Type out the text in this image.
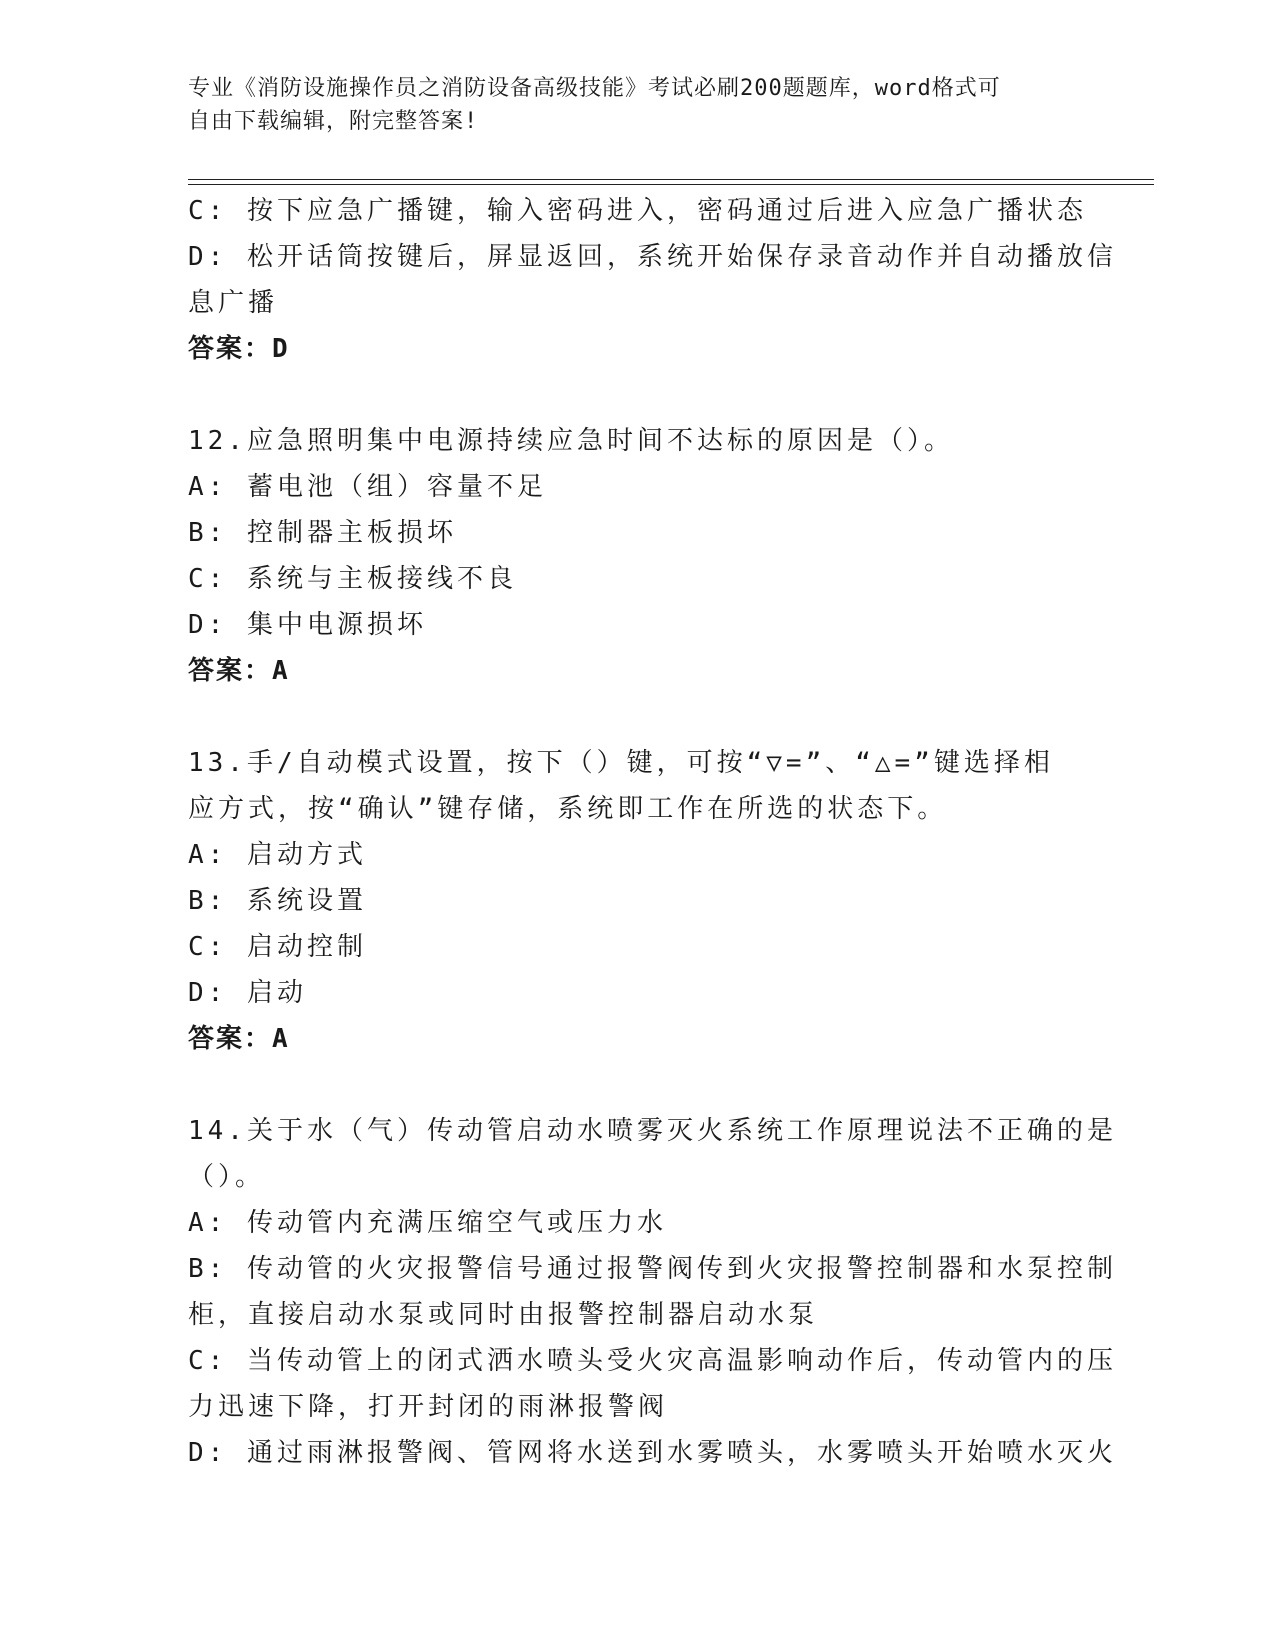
专业《消防设施操作员之消防设备高级技能》考试必刷200题题库，word格式可
自由下载编辑，附完整答案!
C: 按下应急广播键，输入密码进入，密码通过后进入应急广播状态
D: 松开话筒按键后，屏显返回，系统开始保存录音动作并自动播放信
息广播
答案：D
12.应急照明集中电源持续应急时间不达标的原因是（）。
A: 蓄电池（组）容量不足
B: 控制器主板损坏
C: 系统与主板接线不良
D: 集中电源损坏
答案：A
13.手/自动模式设置，按下（）键，可按“▽=”、“△=”键选择相
应方式，按“确认”键存储，系统即工作在所选的状态下。
A: 启动方式
B: 系统设置
C: 启动控制
D: 启动
答案：A
14.关于水（气）传动管启动水喷雾灭火系统工作原理说法不正确的是
（）。
A: 传动管内充满压缩空气或压力水
B: 传动管的火灾报警信号通过报警阀传到火灾报警控制器和水泵控制
柜，直接启动水泵或同时由报警控制器启动水泵
C: 当传动管上的闭式洒水喷头受火灾高温影响动作后，传动管内的压
力迅速下降，打开封闭的雨淋报警阀
D: 通过雨淋报警阀、管网将水送到水雾喷头，水雾喷头开始喷水灭火
